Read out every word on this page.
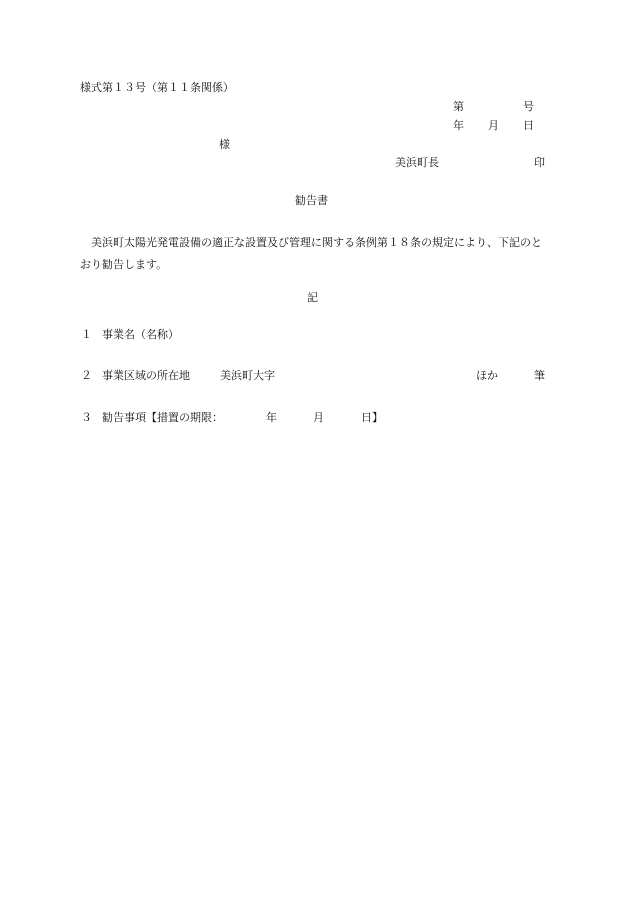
様式第１３号（第１１条関係）
第	号
年 月 日
様
美浜町長	印
勧告書
美浜町太陽光発電設備の適正な設置及び管理に関する条例第１８条の規定により、下記のとおり勧告します。
記
１ 事業名（名称）
２ 事業区域の所在地	美浜町大字	ほか	筆
３ 勧告事項【措置の期限：	年	月	日】
